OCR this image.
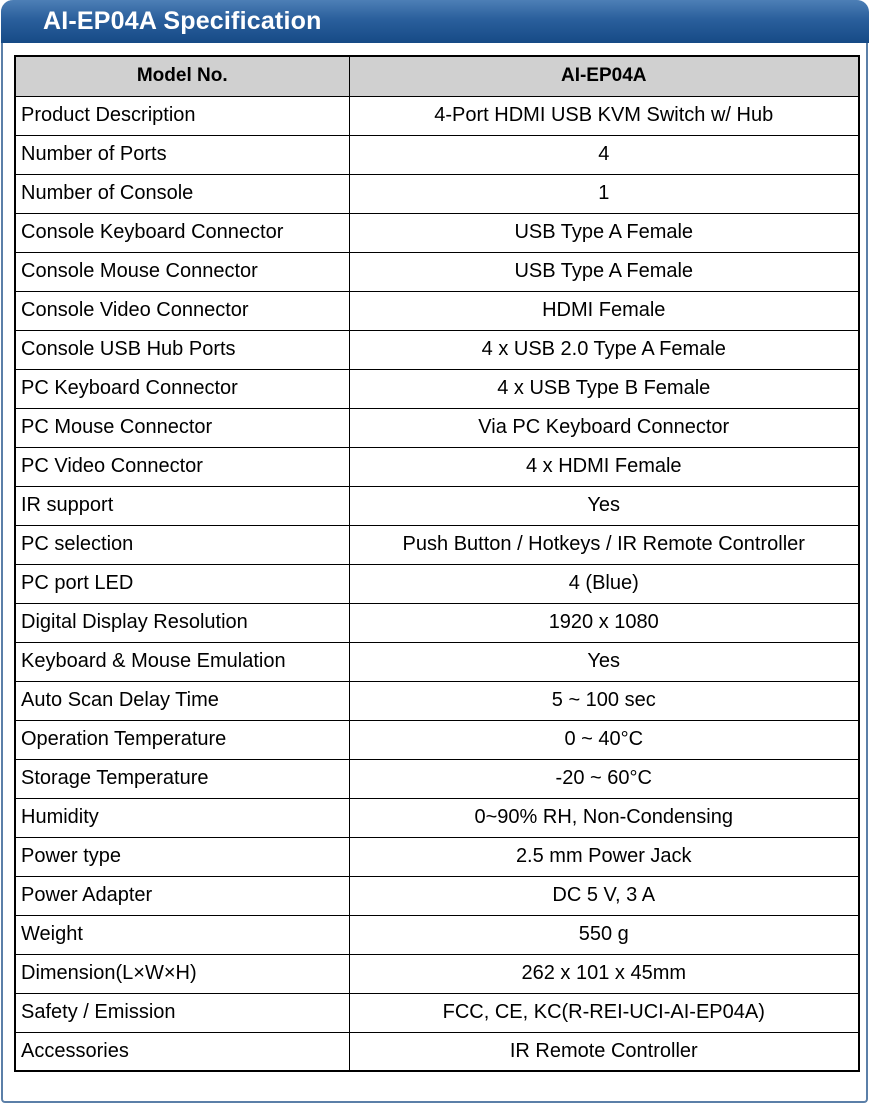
AI-EP04A Specification
Model No.	AI-EP04A
Product Description	4-Port HDMI USB KVM Switch w/ Hub
Number of Ports	4
Number of Console	1
Console Keyboard Connector	USB Type A Female
Console Mouse Connector	USB Type A Female
Console Video Connector	HDMI Female
Console USB Hub Ports	4 x USB 2.0 Type A Female
PC Keyboard Connector	4 x USB Type B Female
PC Mouse Connector	Via PC Keyboard Connector
PC Video Connector	4 x HDMI Female
IR support	Yes
PC selection	Push Button / Hotkeys / IR Remote Controller
PC port LED	4 (Blue)
Digital Display Resolution	1920 x 1080
Keyboard & Mouse Emulation	Yes
Auto Scan Delay Time	5 ~ 100 sec
Operation Temperature	0 ~ 40°C
Storage Temperature	-20 ~ 60°C
Humidity	0~90% RH, Non-Condensing
Power type	2.5 mm Power Jack
Power Adapter	DC 5 V, 3 A
Weight	550 g
Dimension(L×W×H)	262 x 101 x 45mm
Safety / Emission	FCC, CE, KC(R-REI-UCI-AI-EP04A)
Accessories	IR Remote Controller
